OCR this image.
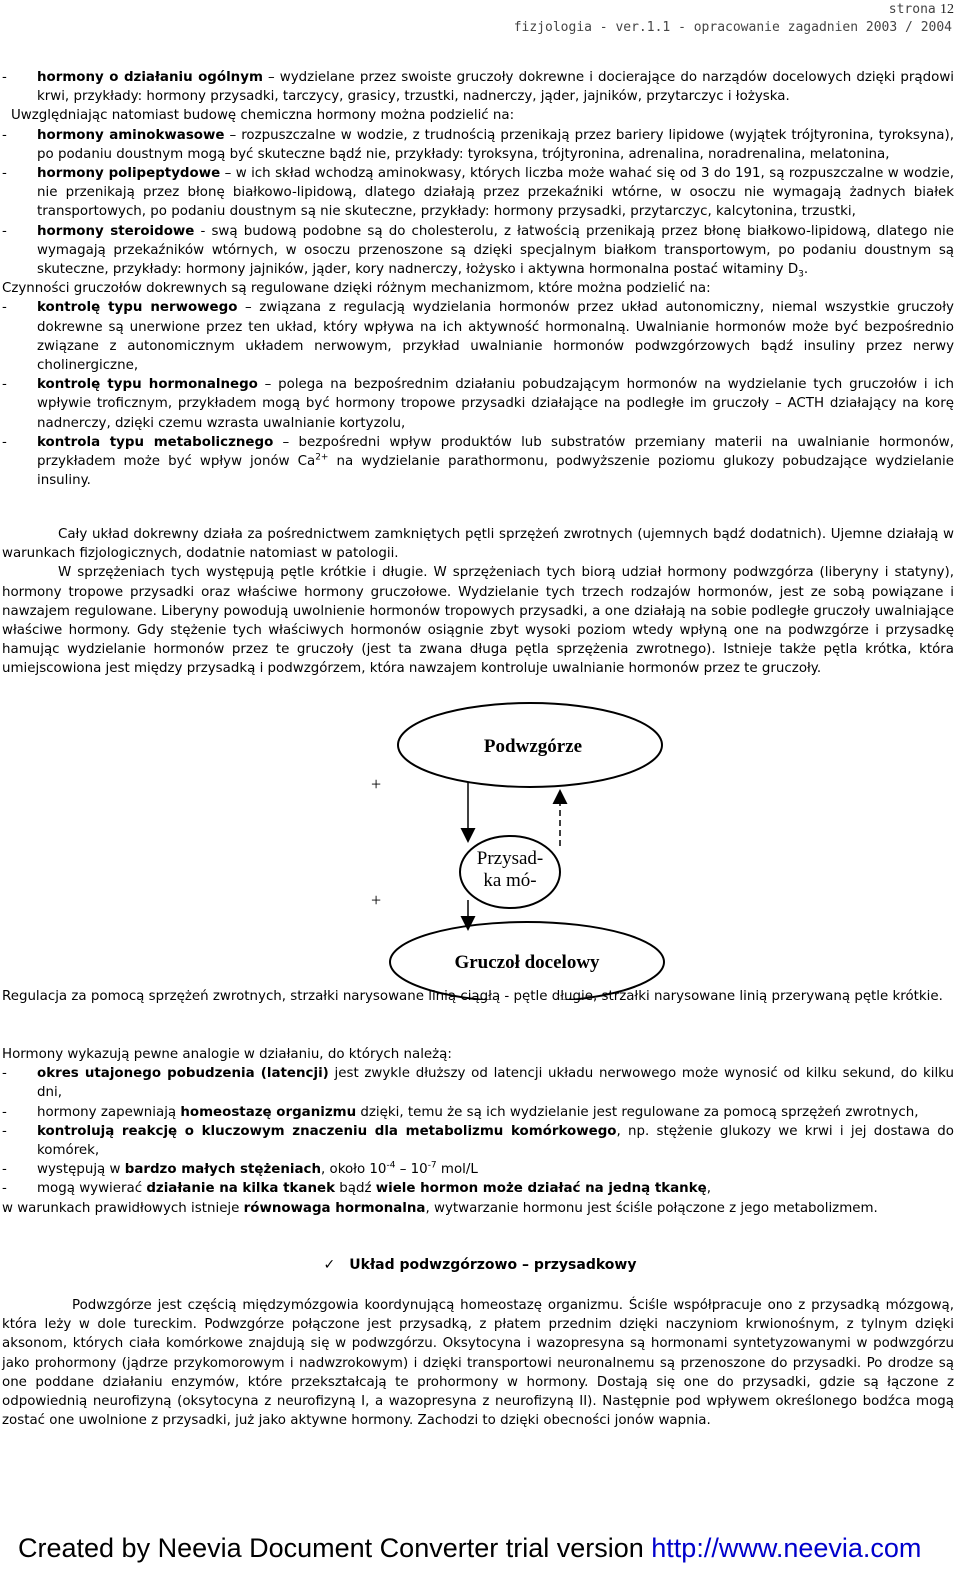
strona 12
fizjologia - ver.1.1 - opracowanie zagadnien 2003 / 2004
-	hormony o działaniu ogólnym – wydzielane przez swoiste gruczoły dokrewne i docierające do narządów docelowych dzięki prądowi krwi, przykłady: hormony przysadki, tarczycy, grasicy, trzustki, nadnerczy, jąder, jajników, przytarczyc i łożyska.

Uwzględniając natomiast budowę chemiczna hormony można podzielić na:

-	hormony aminokwasowe – rozpuszczalne w wodzie, z trudnością przenikają przez bariery lipidowe (wyjątek trójtyronina, tyroksyna), po podaniu doustnym mogą być skuteczne bądź nie, przykłady: tyroksyna, trójtyronina, adrenalina, noradrenalina, melatonina,
-	hormony polipeptydowe – w ich skład wchodzą aminokwasy, których liczba może wahać się od 3 do 191, są rozpuszczalne w wodzie, nie przenikają przez błonę białkowo-lipidową, dlatego działają przez przekaźniki wtórne, w osoczu nie wymagają żadnych białek transportowych, po podaniu doustnym są nie skuteczne, przykłady: hormony przysadki, przytarczyc, kalcytonina, trzustki,
-	hormony steroidowe - swą budową podobne są do cholesterolu, z łatwością przenikają przez błonę białkowo-lipidową, dlatego nie wymagają przekaźników wtórnych, w osoczu przenoszone są dzięki specjalnym białkom transportowym, po podaniu doustnym są skuteczne, przykłady: hormony jajników, jąder, kory nadnerczy, łożysko i aktywna hormonalna postać witaminy $D_3$.

Czynności gruczołów dokrewnych są regulowane dzięki różnym mechanizmom, które można podzielić na:

-	kontrolę typu nerwowego – związana z regulacją wydzielania hormonów przez układ autonomiczny, niemal wszystkie gruczoły dokrewne są unerwione przez ten układ, który wpływa na ich aktywność hormonalną. Uwalnianie hormonów może być bezpośrednio związane z autonomicznym układem nerwowym, przykład uwalnianie hormonów podwzgórzowych bądź insuliny przez nerwy cholinergiczne,
-	kontrolę typu hormonalnego – polega na bezpośrednim działaniu pobudzającym hormonów na wydzielanie tych gruczołów i ich wpływie troficznym, przykładem mogą być hormony tropowe przysadki działające na podległe im gruczoły – ACTH działający na korę nadnerczy, dzięki czemu wzrasta uwalnianie kortyzolu,
-	kontrola typu metabolicznego – bezpośredni wpływ produktów lub substratów przemiany materii na uwalnianie hormonów, przykładem może być wpływ jonów $Ca^{2+}$ na wydzielanie parathormonu, podwyższenie poziomu glukozy pobudzające wydzielanie insuliny.

Cały układ dokrewny działa za pośrednictwem zamkniętych pętli sprzężeń zwrotnych (ujemnych bądź dodatnich). Ujemne działają w warunkach fizjologicznych, dodatnie natomiast w patologii.

W sprzężeniach tych występują pętle krótkie i długie. W sprzężeniach tych biorą udział hormony podwzgórza (liberyny i statyny), hormony tropowe przysadki oraz właściwe hormony gruczołowe. Wydzielanie tych trzech rodzajów hormonów, jest ze sobą powiązane i nawzajem regulowane. Liberyny powodują uwolnienie hormonów tropowych przysadki, a one działają na sobie podległe gruczoły uwalniające właściwe hormony. Gdy stężenie tych właściwych hormonów osiągnie zbyt wysoki poziom wtedy wpłyną one na podwzgórze i przysadkę hamując wydzielanie hormonów przez te gruczoły (jest ta zwana długa pętla sprzężenia zwrotnego). Istnieje także pętla krótka, która umiejscowiona jest między przysadką i podwzgórzem, która nawzajem kontroluje uwalnianie hormonów przez te gruczoły.

Podwzgórze
Przysad-
ka mó-
Gruczoł docelowy
+
+
Regulacja za pomocą sprzężeń zwrotnych, strzałki narysowane linią ciągłą - pętle długie, strzałki narysowane linią przerywaną pętle krótkie.

Hormony wykazują pewne analogie w działaniu, do których należą:

-	okres utajonego pobudzenia (latencji) jest zwykle dłuższy od latencji układu nerwowego może wynosić od kilku sekund, do kilku dni,
-	hormony zapewniają homeostazę organizmu dzięki, temu że są ich wydzielanie jest regulowane za pomocą sprzężeń zwrotnych,
-	kontrolują reakcję o kluczowym znaczeniu dla metabolizmu komórkowego, np. stężenie glukozy we krwi i jej dostawa do komórek,
-	występują w bardzo małych stężeniach, około $10^{-4} - 10^{-7}$ mol/L
-	mogą wywierać działanie na kilka tkanek bądź wiele hormon może działać na jedną tkankę,

w warunkach prawidłowych istnieje równowaga hormonalna, wytwarzanie hormonu jest ściśle połączone z jego metabolizmem.

✓ Układ podwzgórzowo – przysadkowy

Podwzgórze jest częścią międzymózgowia koordynującą homeostazę organizmu. Ściśle współpracuje ono z przysadką mózgową, która leży w dole tureckim. Podwzgórze połączone jest przysadką, z płatem przednim dzięki naczyniom krwionośnym, z tylnym dzięki aksonom, których ciała komórkowe znajdują się w podwzgórzu. Oksytocyna i wazopresyna są hormonami syntetyzowanymi w podwzgórzu jako prohormony (jądrze przykomorowym i nadwzrokowym) i dzięki transportowi neuronalnemu są przenoszone do przysadki. Po drodze są one poddane działaniu enzymów, które przekształcają te prohormony w hormony. Dostają się one do przysadki, gdzie są łączone z odpowiednią neurofizyną (oksytocyna z neurofizyną I, a wazopresyna z neurofizyną II). Następnie pod wpływem określonego bodźca mogą zostać one uwolnione z przysadki, już jako aktywne hormony. Zachodzi to dzięki obecności jonów wapnia.

Created by Neevia Document Converter trial version http://www.neevia.com
